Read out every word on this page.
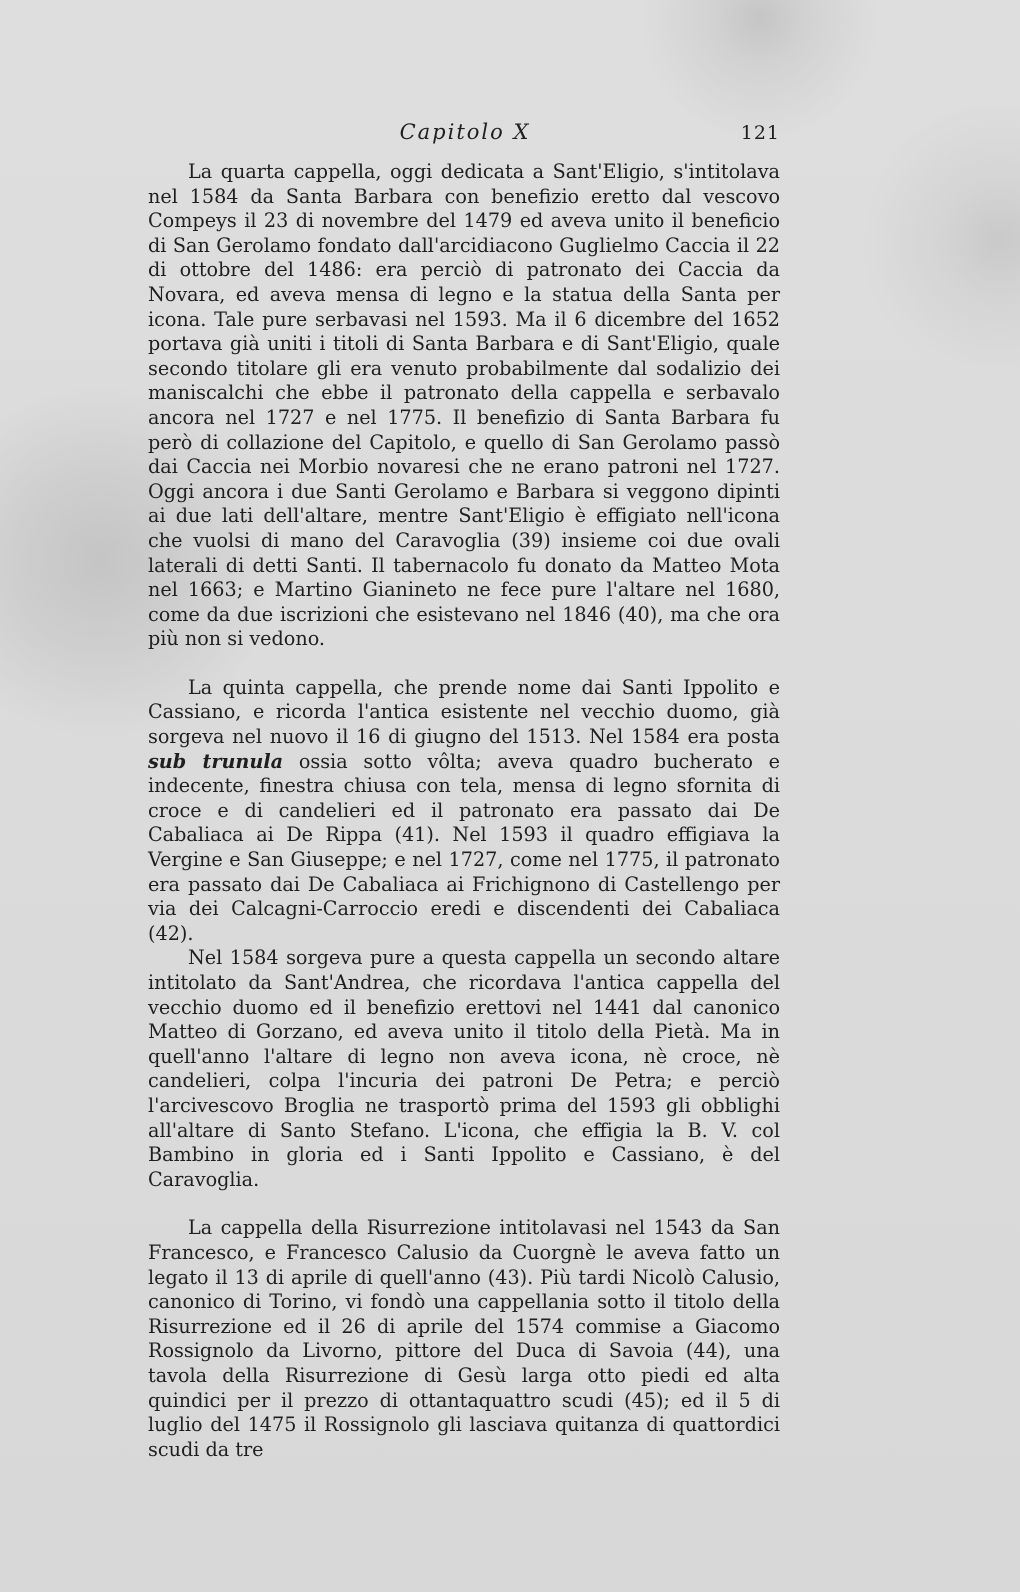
Capitolo X	121

La quarta cappella, oggi dedicata a Sant'Eligio, s'intitolava nel 1584 da Santa Barbara con benefizio eretto dal vescovo Compeys il 23 di novembre del 1479 ed aveva unito il beneficio di San Gerolamo fondato dall'arcidiacono Guglielmo Caccia il 22 di ottobre del 1486: era perciò di patronato dei Caccia da Novara, ed aveva mensa di legno e la statua della Santa per icona. Tale pure serbavasi nel 1593. Ma il 6 dicembre del 1652 portava già uniti i titoli di Santa Barbara e di Sant'Eligio, quale secondo titolare gli era venuto probabilmente dal sodalizio dei maniscalchi che ebbe il patronato della cappella e serbavalo ancora nel 1727 e nel 1775. Il benefizio di Santa Barbara fu però di collazione del Capitolo, e quello di San Gerolamo passò dai Caccia nei Morbio novaresi che ne erano patroni nel 1727. Oggi ancora i due Santi Gerolamo e Barbara si veggono dipinti ai due lati dell'altare, mentre Sant'Eligio è effigiato nell'icona che vuolsi di mano del Caravoglia (39) insieme coi due ovali laterali di detti Santi. Il tabernacolo fu donato da Matteo Mota nel 1663; e Martino Gianineto ne fece pure l'altare nel 1680, come da due iscrizioni che esistevano nel 1846 (40), ma che ora più non si vedono.

La quinta cappella, che prende nome dai Santi Ippolito e Cassiano, e ricorda l'antica esistente nel vecchio duomo, già sorgeva nel nuovo il 16 di giugno del 1513. Nel 1584 era posta sub trunula ossia sotto vôlta; aveva quadro bucherato e indecente, finestra chiusa con tela, mensa di legno sfornita di croce e di candelieri ed il patronato era passato dai De Cabaliaca ai De Rippa (41). Nel 1593 il quadro effigiava la Vergine e San Giuseppe; e nel 1727, come nel 1775, il patronato era passato dai De Cabaliaca ai Frichignono di Castellengo per via dei Calcagni-Carroccio eredi e discendenti dei Cabaliaca (42).

Nel 1584 sorgeva pure a questa cappella un secondo altare intitolato da Sant'Andrea, che ricordava l'antica cappella del vecchio duomo ed il benefizio erettovi nel 1441 dal canonico Matteo di Gorzano, ed aveva unito il titolo della Pietà. Ma in quell'anno l'altare di legno non aveva icona, nè croce, nè candelieri, colpa l'incuria dei patroni De Petra; e perciò l'arcivescovo Broglia ne trasportò prima del 1593 gli obblighi all'altare di Santo Stefano. L'icona, che effigia la B. V. col Bambino in gloria ed i Santi Ippolito e Cassiano, è del Caravoglia.

La cappella della Risurrezione intitolavasi nel 1543 da San Francesco, e Francesco Calusio da Cuorgnè le aveva fatto un legato il 13 di aprile di quell'anno (43). Più tardi Nicolò Calusio, canonico di Torino, vi fondò una cappellania sotto il titolo della Risurrezione ed il 26 di aprile del 1574 commise a Giacomo Rossignolo da Livorno, pittore del Duca di Savoia (44), una tavola della Risurrezione di Gesù larga otto piedi ed alta quindici per il prezzo di ottantaquattro scudi (45); ed il 5 di luglio del 1475 il Rossignolo gli lasciava quitanza di quattordici scudi da tre
